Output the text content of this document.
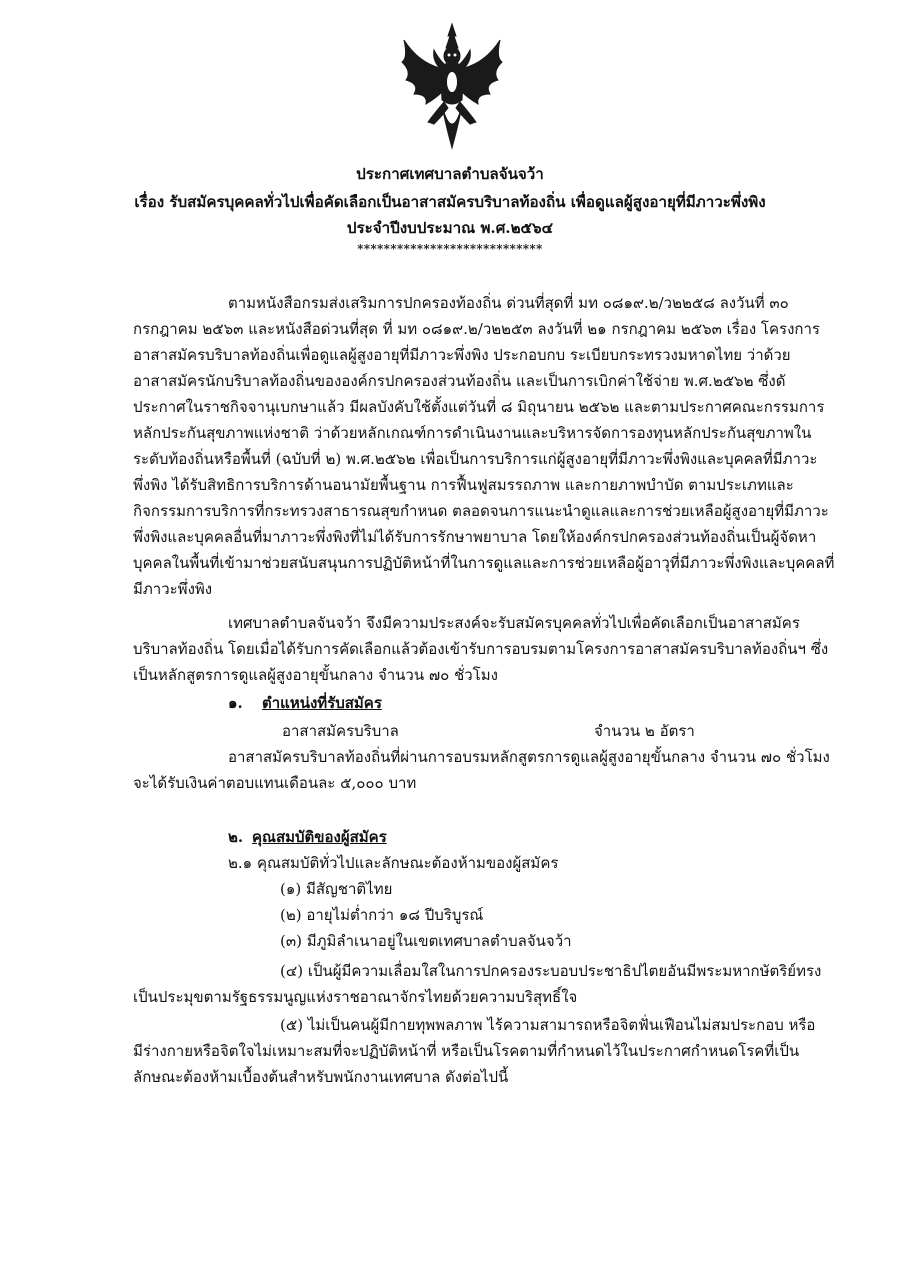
ประกาศเทศบาลตำบลจันจว้า
เรื่อง รับสมัครบุคคลทั่วไปเพื่อคัดเลือกเป็นอาสาสมัครบริบาลท้องถิ่น เพื่อดูแลผู้สูงอายุที่มีภาวะพึ่งพิง
ประจำปีงบประมาณ พ.ศ.๒๕๖๔
****************************
ตามหนังสือกรมส่งเสริมการปกครองท้องถิ่น ด่วนที่สุดที่ มท ๐๘๑๙.๒/ว๒๒๕๘ ลงวันที่ ๓๐
กรกฎาคม ๒๕๖๓ และหนังสือด่วนที่สุด ที่ มท ๐๘๑๙.๒/ว๒๒๕๓ ลงวันที่ ๒๑ กรกฎาคม ๒๕๖๓ เรื่อง โครงการ
อาสาสมัครบริบาลท้องถิ่นเพื่อดูแลผู้สูงอายุที่มีภาวะพึ่งพิง ประกอบกบ ระเบียบกระทรวงมหาดไทย ว่าด้วย
อาสาสมัครนักบริบาลท้องถิ่นขององค์กรปกครองส่วนท้องถิ่น และเป็นการเบิกค่าใช้จ่าย พ.ศ.๒๕๖๒ ซึ่งดั
ประกาศในราชกิจจานุเบกษาแล้ว มีผลบังคับใช้ตั้งแต่วันที่ ๘ มิถุนายน ๒๕๖๒ และตามประกาศคณะกรรมการ
หลักประกันสุขภาพแห่งชาติ ว่าด้วยหลักเกณฑ์การดำเนินงานและบริหารจัดการองทุนหลักประกันสุขภาพใน
ระดับท้องถิ่นหรือพื้นที่ (ฉบับที่ ๒) พ.ศ.๒๕๖๒ เพื่อเป็นการบริการแก่ผู้สูงอายุที่มีภาวะพึ่งพิงและบุคคลที่มีภาวะ
พึ่งพิง ได้รับสิทธิการบริการด้านอนามัยพื้นฐาน การฟื้นฟูสมรรถภาพ และกายภาพบำบัด ตามประเภทและ
กิจกรรมการบริการที่กระทรวงสาธารณสุขกำหนด ตลอดจนการแนะนำดูแลและการช่วยเหลือผู้สูงอายุที่มีภาวะ
พึ่งพิงและบุคคลอื่นที่มาภาวะพึ่งพิงที่ไม่ได้รับการรักษาพยาบาล โดยให้องค์กรปกครองส่วนท้องถิ่นเป็นผู้จัดหา
บุคคลในพื้นที่เข้ามาช่วยสนับสนุนการปฏิบัติหน้าที่ในการดูแลและการช่วยเหลือผู้อาวุที่มีภาวะพึ่งพิงและบุคคลที่
มีภาวะพึ่งพิง
เทศบาลตำบลจันจว้า จึงมีความประสงค์จะรับสมัครบุคคลทั่วไปเพื่อคัดเลือกเป็นอาสาสมัคร
บริบาลท้องถิ่น โดยเมื่อได้รับการคัดเลือกแล้วต้องเข้ารับการอบรมตามโครงการอาสาสมัครบริบาลท้องถิ่นฯ ซึ่ง
เป็นหลักสูตรการดูแลผู้สูงอายุขั้นกลาง จำนวน ๗๐ ชั่วโมง
๑. ตำแหน่งที่รับสมัคร
อาสาสมัครบริบาล	จำนวน ๒ อัตรา
อาสาสมัครบริบาลท้องถิ่นที่ผ่านการอบรมหลักสูตรการดูแลผู้สูงอายุขั้นกลาง จำนวน ๗๐ ชั่วโมง
จะได้รับเงินค่าตอบแทนเดือนละ ๕,๐๐๐ บาท
๒. คุณสมบัติของผู้สมัคร
๒.๑ คุณสมบัติทั่วไปและลักษณะต้องห้ามของผู้สมัคร
(๑) มีสัญชาติไทย
(๒) อายุไม่ต่ำกว่า ๑๘ ปีบริบูรณ์
(๓) มีภูมิลำเนาอยู่ในเขตเทศบาลตำบลจันจว้า
(๔) เป็นผู้มีความเลื่อมใสในการปกครองระบอบประชาธิปไตยอันมีพระมหากษัตริย์ทรง
เป็นประมุขตามรัฐธรรมนูญแห่งราชอาณาจักรไทยด้วยความบริสุทธิ์ใจ
(๕) ไม่เป็นคนผู้มีกายทุพพลภาพ ไร้ความสามารถหรือจิตฟั่นเฟือนไม่สมประกอบ หรือ
มีร่างกายหรือจิตใจไม่เหมาะสมที่จะปฏิบัติหน้าที่ หรือเป็นโรคตามที่กำหนดไว้ในประกาศกำหนดโรคที่เป็น
ลักษณะต้องห้ามเบื้องต้นสำหรับพนักงานเทศบาล ดังต่อไปนี้
